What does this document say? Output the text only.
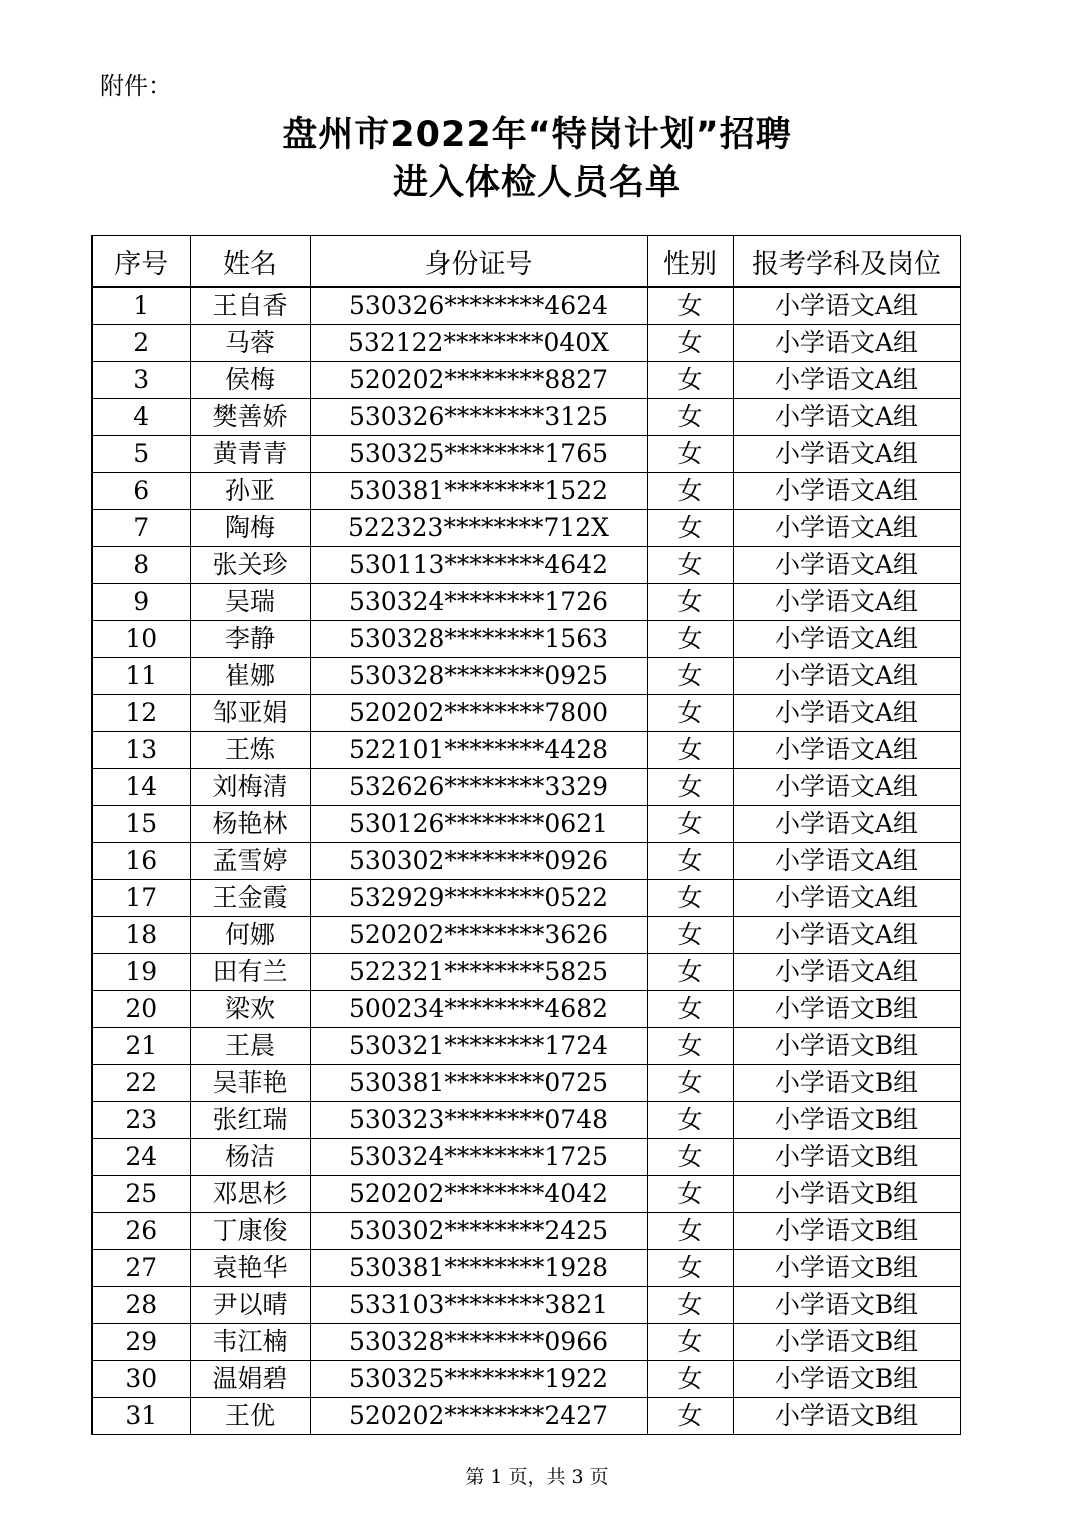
附件：
盘州市2022年“特岗计划”招聘
进入体检人员名单
序号	姓名	身份证号	性别	报考学科及岗位
1	王自香	530326********4624	女	小学语文A组
2	马蓉	532122********040X	女	小学语文A组
3	侯梅	520202********8827	女	小学语文A组
4	樊善娇	530326********3125	女	小学语文A组
5	黄青青	530325********1765	女	小学语文A组
6	孙亚	530381********1522	女	小学语文A组
7	陶梅	522323********712X	女	小学语文A组
8	张关珍	530113********4642	女	小学语文A组
9	吴瑞	530324********1726	女	小学语文A组
10	李静	530328********1563	女	小学语文A组
11	崔娜	530328********0925	女	小学语文A组
12	邹亚娟	520202********7800	女	小学语文A组
13	王炼	522101********4428	女	小学语文A组
14	刘梅清	532626********3329	女	小学语文A组
15	杨艳林	530126********0621	女	小学语文A组
16	孟雪婷	530302********0926	女	小学语文A组
17	王金霞	532929********0522	女	小学语文A组
18	何娜	520202********3626	女	小学语文A组
19	田有兰	522321********5825	女	小学语文A组
20	梁欢	500234********4682	女	小学语文B组
21	王晨	530321********1724	女	小学语文B组
22	吴菲艳	530381********0725	女	小学语文B组
23	张红瑞	530323********0748	女	小学语文B组
24	杨洁	530324********1725	女	小学语文B组
25	邓思杉	520202********4042	女	小学语文B组
26	丁康俊	530302********2425	女	小学语文B组
27	袁艳华	530381********1928	女	小学语文B组
28	尹以晴	533103********3821	女	小学语文B组
29	韦江楠	530328********0966	女	小学语文B组
30	温娟碧	530325********1922	女	小学语文B组
31	王优	520202********2427	女	小学语文B组
第 1 页，共 3 页
